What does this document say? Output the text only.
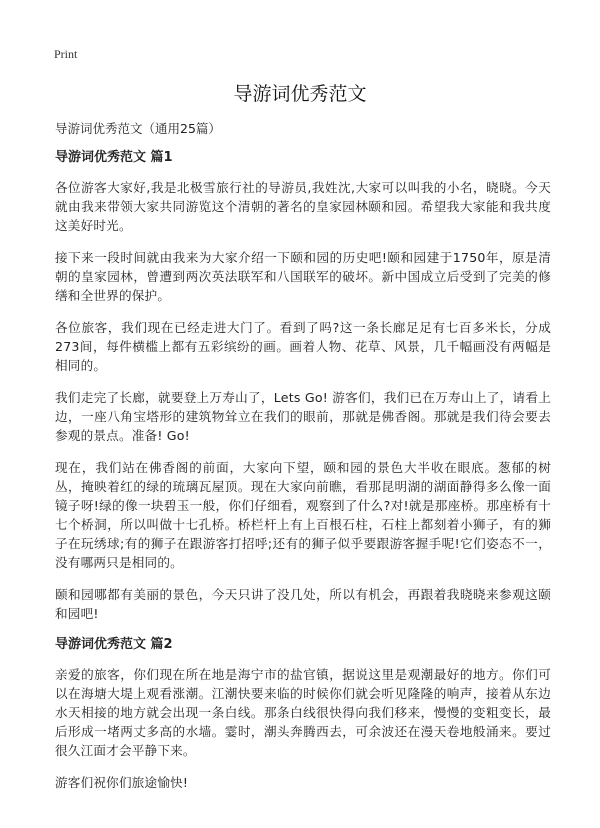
Print
导游词优秀范文

导游词优秀范文（通用25篇）

导游词优秀范文 篇1

各位游客大家好,我是北极雪旅行社的导游员,我姓沈,大家可以叫我的小名，晓晓。今天就由我来带领大家共同游览这个清朝的著名的皇家园林颐和园。希望我大家能和我共度这美好时光。

接下来一段时间就由我来为大家介绍一下颐和园的历史吧!颐和园建于1750年，原是清朝的皇家园林，曾遭到两次英法联军和八国联军的破坏。新中国成立后受到了完美的修缮和全世界的保护。

各位旅客，我们现在已经走进大门了。看到了吗?这一条长廊足足有七百多米长，分成273间，每件横槛上都有五彩缤纷的画。画着人物、花草、风景，几千幅画没有两幅是相同的。

我们走完了长廊，就要登上万寿山了，Lets Go! 游客们，我们已在万寿山上了，请看上边，一座八角宝塔形的建筑物耸立在我们的眼前，那就是佛香阁。那就是我们待会要去参观的景点。准备! Go!

现在，我们站在佛香阁的前面，大家向下望，颐和园的景色大半收在眼底。葱郁的树丛，掩映着红的绿的琉璃瓦屋顶。现在大家向前瞧，看那昆明湖的湖面静得多么像一面镜子呀!绿的像一块碧玉一般，你们仔细看，观察到了什么?对!就是那座桥。那座桥有十七个桥洞，所以叫做十七孔桥。桥栏杆上有上百根石柱，石柱上都刻着小狮子，有的狮子在玩绣球;有的狮子在跟游客打招呼;还有的狮子似乎要跟游客握手呢!它们姿态不一，没有哪两只是相同的。

颐和园哪都有美丽的景色，今天只讲了没几处，所以有机会，再跟着我晓晓来参观这颐和园吧!

导游词优秀范文 篇2

亲爱的旅客，你们现在所在地是海宁市的盐官镇，据说这里是观潮最好的地方。你们可以在海塘大堤上观看涨潮。江潮快要来临的时候你们就会听见隆隆的响声，接着从东边水天相接的地方就会出现一条白线。那条白线很快得向我们移来，慢慢的变粗变长，最后形成一堵两丈多高的水墙。霎时，潮头奔腾西去，可余波还在漫天卷地般涌来。要过很久江面才会平静下来。

游客们祝你们旅途愉快!
